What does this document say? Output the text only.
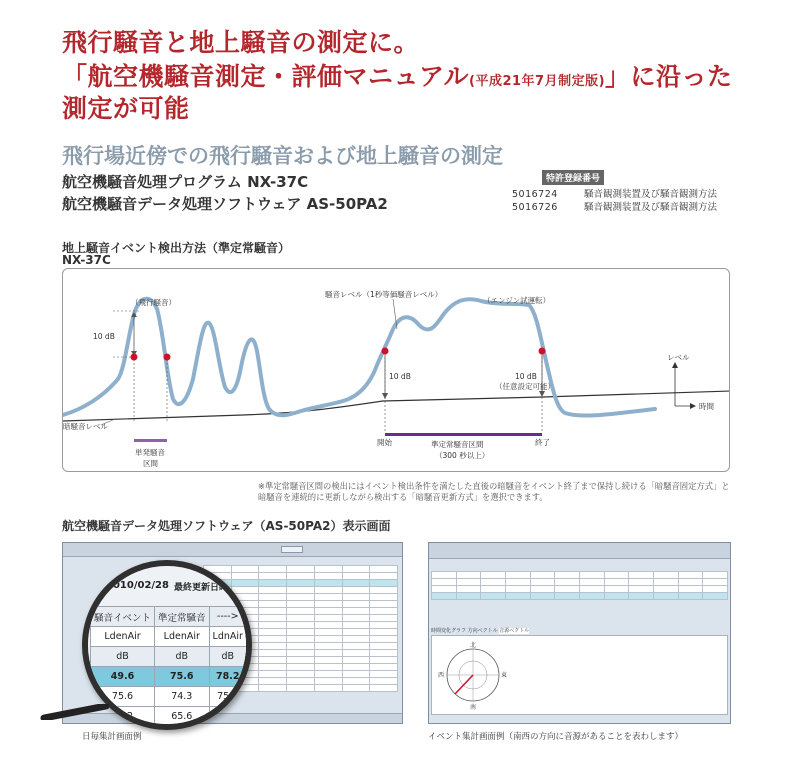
飛行騒音と地上騒音の測定に。
「航空機騒音測定・評価マニュアル(平成21年7月制定版)」に沿った
測定が可能
飛行場近傍での飛行騒音および地上騒音の測定
航空機騒音処理プログラム NX-37C
航空機騒音データ処理ソフトウェア AS-50PA2
特許登録番号
5016724	騒音観測装置及び騒音観測方法
5016726	騒音観測装置及び騒音観測方法
地上騒音イベント検出方法（準定常騒音）
NX-37C
（飛行騒音）
10 dB
騒音レベル（1秒等価騒音レベル）
（エンジン試運転）
10 dB	10 dB
（任意設定可能）
レベル
時間
暗騒音レベル
開始	終了
準定常騒音区間
（300 秒以上）
単発騒音
区間
※準定常騒音区間の検出にはイベント検出条件を満たした直後の暗騒音をイベント終了まで保持し続ける「暗騒音固定方式」と
暗騒音を連続的に更新しながら検出する「暗騒音更新方式」を選択できます。
航空機騒音データ処理ソフトウェア（AS-50PA2）表示画面

2010/02/28 最終更新日時：
騒音イベント	準定常騒音	---->
LdenAir	LdenAir	LdnAir
dB	dB	dB
49.6	75.6	78.2
75.6	74.3	75.9
69.2	65.6	66

時間変化グラフ 方向ベクトル 音源ベクトル
北
南
西	東
日毎集計画面例	イベント集計画面例（南西の方向に音源があることを表わします）
